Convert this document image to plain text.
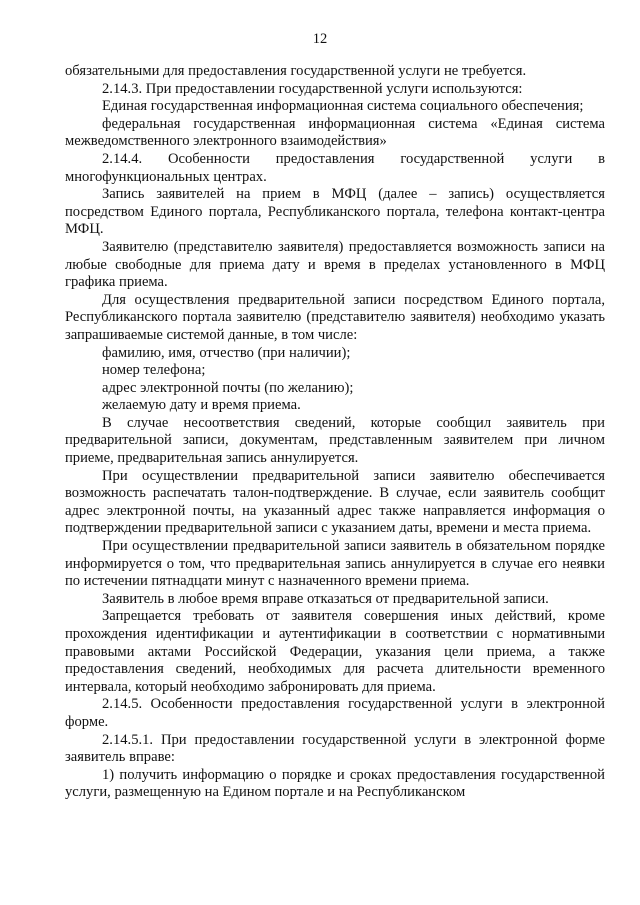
12

обязательными для предоставления государственной услуги не требуется.

2.14.3. При предоставлении государственной услуги используются:

Единая государственная информационная система социального обеспечения;

федеральная государственная информационная система «Единая система межведомственного электронного взаимодействия»

2.14.4. Особенности предоставления государственной услуги в многофункциональных центрах.

Запись заявителей на прием в МФЦ (далее – запись) осуществляется посредством Единого портала, Республиканского портала, телефона контакт-центра МФЦ.

Заявителю (представителю заявителя) предоставляется возможность записи на любые свободные для приема дату и время в пределах установленного в МФЦ графика приема.

Для осуществления предварительной записи посредством Единого портала, Республиканского портала заявителю (представителю заявителя) необходимо указать запрашиваемые системой данные, в том числе:

фамилию, имя, отчество (при наличии);

номер телефона;

адрес электронной почты (по желанию);

желаемую дату и время приема.

В случае несоответствия сведений, которые сообщил заявитель при предварительной записи, документам, представленным заявителем при личном приеме, предварительная запись аннулируется.

При осуществлении предварительной записи заявителю обеспечивается возможность распечатать талон-подтверждение. В случае, если заявитель сообщит адрес электронной почты, на указанный адрес также направляется информация о подтверждении предварительной записи с указанием даты, времени и места приема.

При осуществлении предварительной записи заявитель в обязательном порядке информируется о том, что предварительная запись аннулируется в случае его неявки по истечении пятнадцати минут с назначенного времени приема.

Заявитель в любое время вправе отказаться от предварительной записи.

Запрещается требовать от заявителя совершения иных действий, кроме прохождения идентификации и аутентификации в соответствии с нормативными правовыми актами Российской Федерации, указания цели приема, а также предоставления сведений, необходимых для расчета длительности временного интервала, который необходимо забронировать для приема.

2.14.5. Особенности предоставления государственной услуги в электронной форме.

2.14.5.1. При предоставлении государственной услуги в электронной форме заявитель вправе:

1) получить информацию о порядке и сроках предоставления государственной услуги, размещенную на Едином портале и на Республиканском
